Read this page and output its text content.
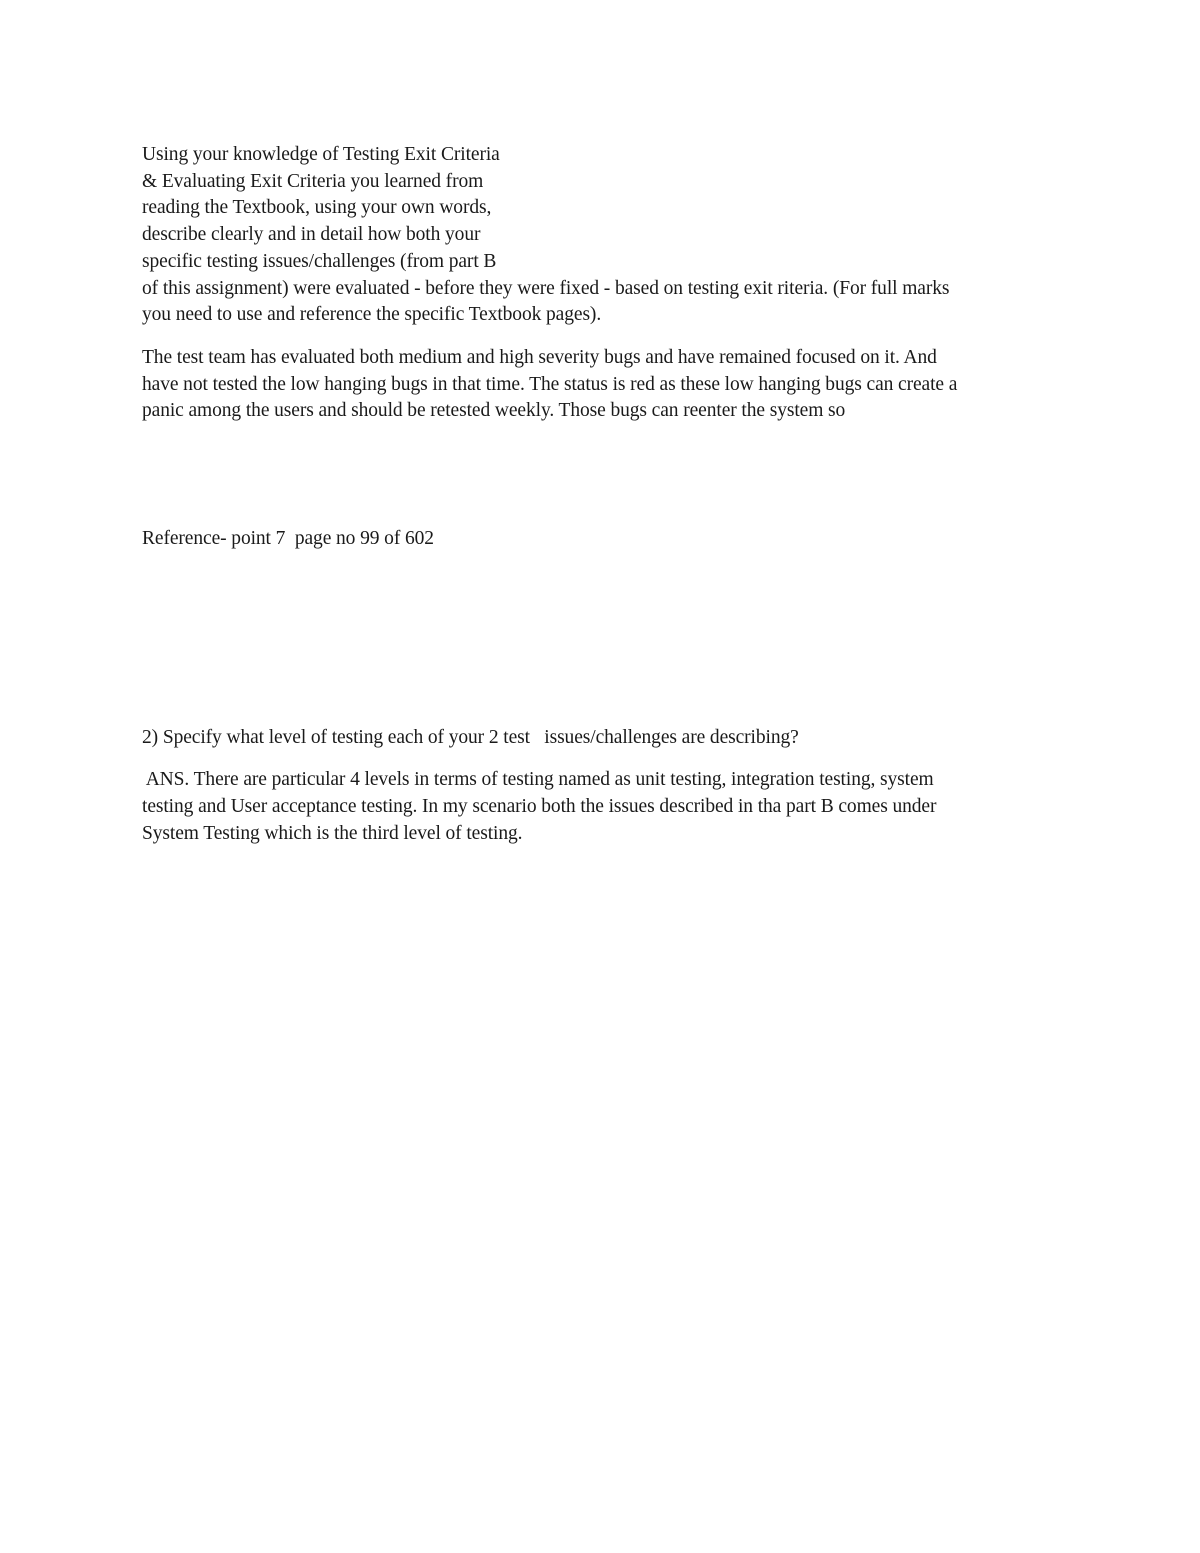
Using your knowledge of Testing Exit Criteria
& Evaluating Exit Criteria you learned from
reading the Textbook, using your own words,
describe clearly and in detail how both your
specific testing issues/challenges (from part B
of this assignment) were evaluated - before they were fixed - based on testing exit riteria. (For full marks
you need to use and reference the specific Textbook pages).
The test team has evaluated both medium and high severity bugs and have remained focused on it. And
have not tested the low hanging bugs in that time. The status is red as these low hanging bugs can create a
panic among the users and should be retested weekly. Those bugs can reenter the system so
Reference- point 7  page no 99 of 602
2) Specify what level of testing each of your 2 test   issues/challenges are describing?
ANS. There are particular 4 levels in terms of testing named as unit testing, integration testing, system
testing and User acceptance testing. In my scenario both the issues described in tha part B comes under
System Testing which is the third level of testing.
